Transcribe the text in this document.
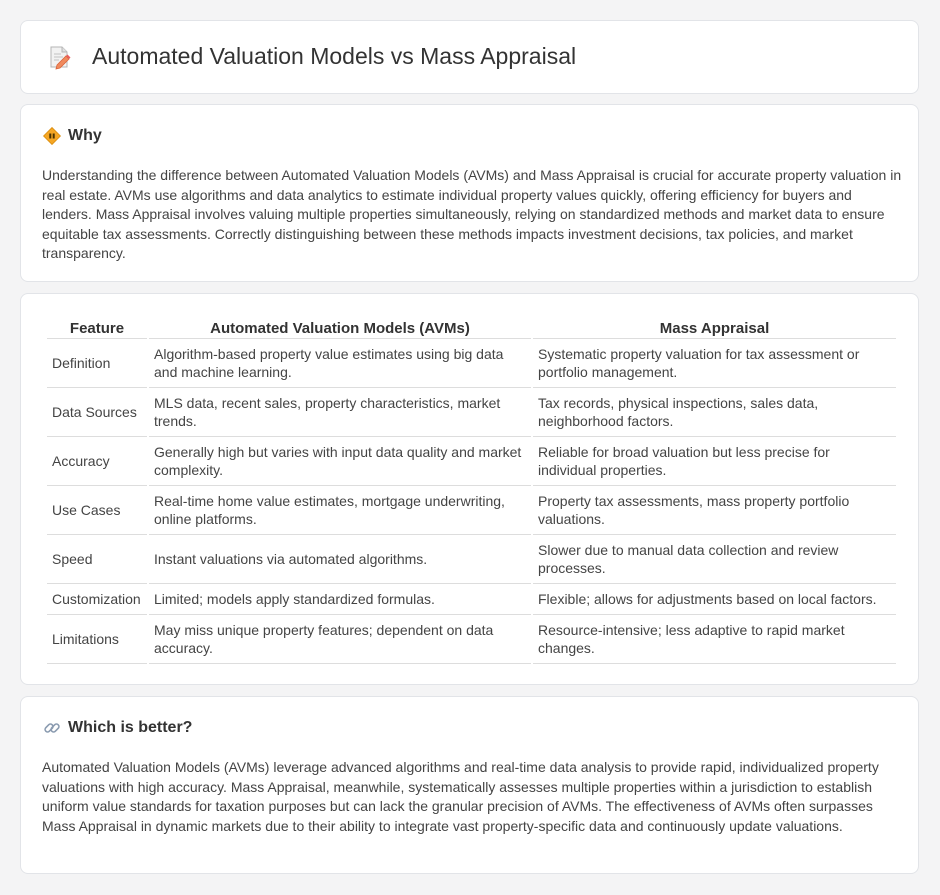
Automated Valuation Models vs Mass Appraisal
Why

Understanding the difference between Automated Valuation Models (AVMs) and Mass Appraisal is crucial for accurate property valuation in real estate. AVMs use algorithms and data analytics to estimate individual property values quickly, offering efficiency for buyers and lenders. Mass Appraisal involves valuing multiple properties simultaneously, relying on standardized methods and market data to ensure equitable tax assessments. Correctly distinguishing between these methods impacts investment decisions, tax policies, and market transparency.

Feature	Automated Valuation Models (AVMs)	Mass Appraisal
Definition	Algorithm-based property value estimates using big data and machine learning.	Systematic property valuation for tax assessment or portfolio management.
Data Sources	MLS data, recent sales, property characteristics, market trends.	Tax records, physical inspections, sales data, neighborhood factors.
Accuracy	Generally high but varies with input data quality and market complexity.	Reliable for broad valuation but less precise for individual properties.
Use Cases	Real-time home value estimates, mortgage underwriting, online platforms.	Property tax assessments, mass property portfolio valuations.
Speed	Instant valuations via automated algorithms.	Slower due to manual data collection and review processes.
Customization	Limited; models apply standardized formulas.	Flexible; allows for adjustments based on local factors.
Limitations	May miss unique property features; dependent on data accuracy.	Resource-intensive; less adaptive to rapid market changes.
Which is better?

Automated Valuation Models (AVMs) leverage advanced algorithms and real-time data analysis to provide rapid, individualized property valuations with high accuracy. Mass Appraisal, meanwhile, systematically assesses multiple properties within a jurisdiction to establish uniform value standards for taxation purposes but can lack the granular precision of AVMs. The effectiveness of AVMs often surpasses Mass Appraisal in dynamic markets due to their ability to integrate vast property-specific data and continuously update valuations.
